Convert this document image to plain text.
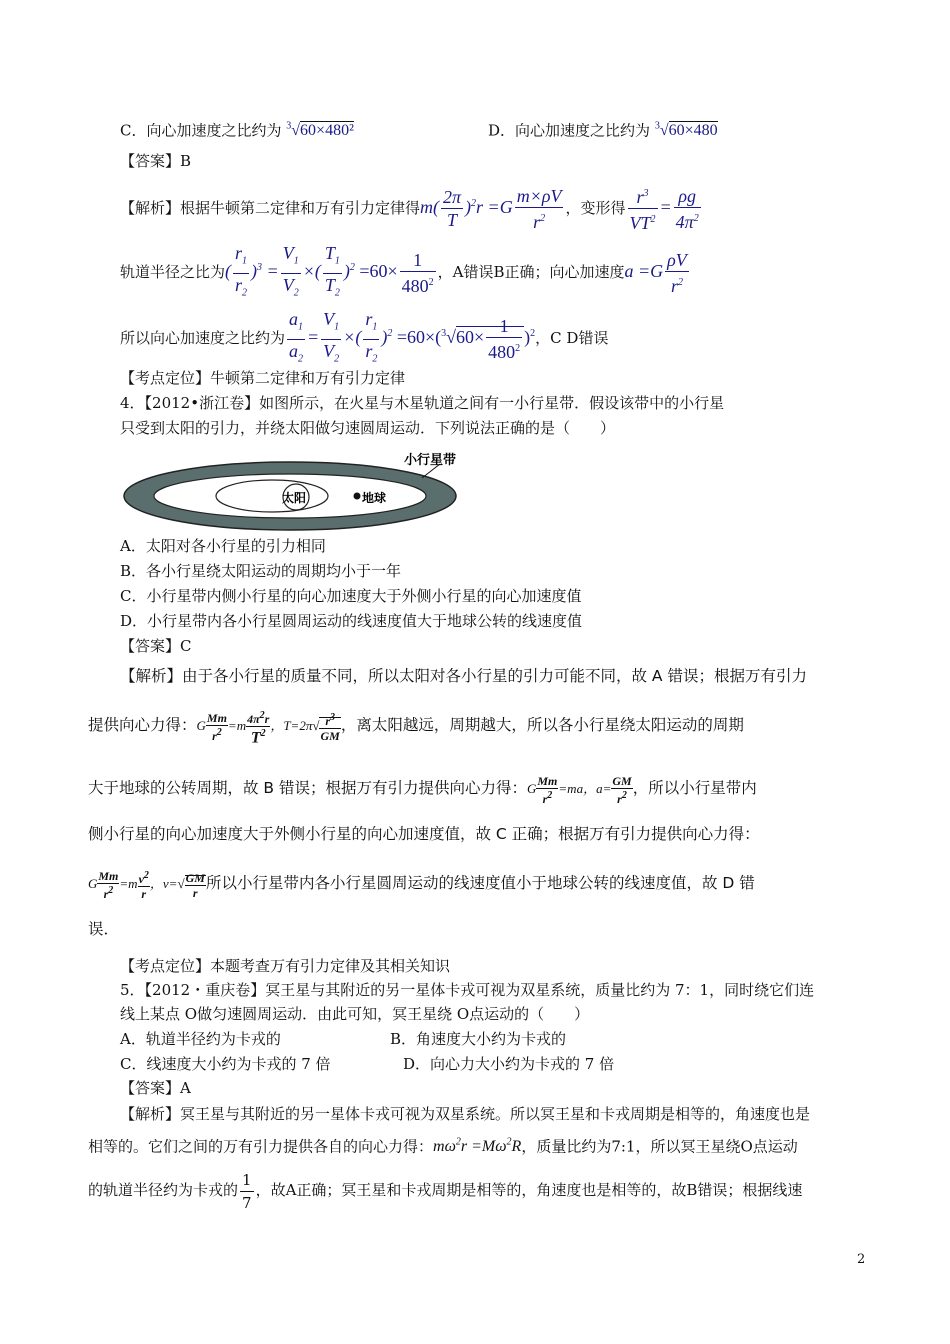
C．向心加速度之比约为 $^3$√60×480²	D．向心加速度之比约为 $^3$√60×480
【答案】B
【解析】根据牛顿第二定律和万有引力定律得$m( \frac{2\pi}{T} )^2r =G \frac{m\times\rho V}{r^2}$ ，变形得 $\frac{r^3}{VT^2} = \frac{\rho g}{4\pi^2}$
轨道半径之比为( $\frac{r_1}{r_2} )^3 = \frac{V_1}{V_2}$ ×( $\frac{T_1}{T_2} )^2 =60\times \frac{1}{480^2}$ ，A错误B正确；向心加速度$a =G \frac{\rho V}{r^2}$
所以向心加速度之比约为 $\frac{a_1}{a_2} = \frac{V_1}{V_2}$ ×( $\frac{r_1}{r_2} )^2 =60\times(^3√60\times \frac{1}{480^2} )^2$，C D错误
【考点定位】牛顿第二定律和万有引力定律
4．【2012•浙江卷】如图所示，在火星与木星轨道之间有一小行星带．假设该带中的小行星
只受到太阳的引力，并绕太阳做匀速圆周运动．下列说法正确的是（　　）
太阳	地球
小行星带
A．太阳对各小行星的引力相同
B．各小行星绕太阳运动的周期均小于一年
C．小行星带内侧小行星的向心加速度大于外侧小行星的向心加速度值
D．小行星带内各小行星圆周运动的线速度值大于地球公转的线速度值
【答案】C
【解析】由于各小行星的质量不同，所以太阳对各小行星的引力可能不同，故 A 错误；根据万有引力
提供向心力得：G $\frac{Mm}{r^2} =m$ $4\pi^2r$
$T^2$
，$T=2\pi√ \frac{r^3}{GM}$ ，离太阳越远，周期越大，所以各小行星绕太阳运动的周期
大于地球的公转周期，故 B 错误；根据万有引力提供向心力得：G $\frac{Mm}{r^2} =ma$，$a= \frac{GM}{r^2}$ ，所以小行星带内
侧小行星的向心加速度大于外侧小行星的向心加速度值，故 C 正确；根据万有引力提供向心力得：
G $\frac{Mm}{r^2} =m \frac{v^2}{r}$ ，$v=√ \frac{GM}{r}$ 所以小行星带内各小行星圆周运动的线速度值小于地球公转的线速度值，故 D 错
误．
【考点定位】本题考查万有引力定律及其相关知识
5．【2012・重庆卷】冥王星与其附近的另一星体卡戎可视为双星系统，质量比约为 7：1，同时绕它们连
线上某点 O做匀速圆周运动．由此可知，冥王星绕 O点运动的（　　）
A．轨道半径约为卡戎的	B．角速度大小约为卡戎的
C．线速度大小约为卡戎的 7 倍	D．向心力大小约为卡戎的 7 倍
【答案】A
【解析】冥王星与其附近的另一星体卡戎可视为双星系统。所以冥王星和卡戎周期是相等的，角速度也是
相等的。它们之间的万有引力提供各自的向心力得：$m\omega^2r =M\omega^2R$，质量比约为7:1，所以冥王星绕O点运动
的轨道半径约为卡戎的 $\frac{1}{7}$ ，故A正确；冥王星和卡戎周期是相等的，角速度也是相等的，故B错误；根据线速
2
